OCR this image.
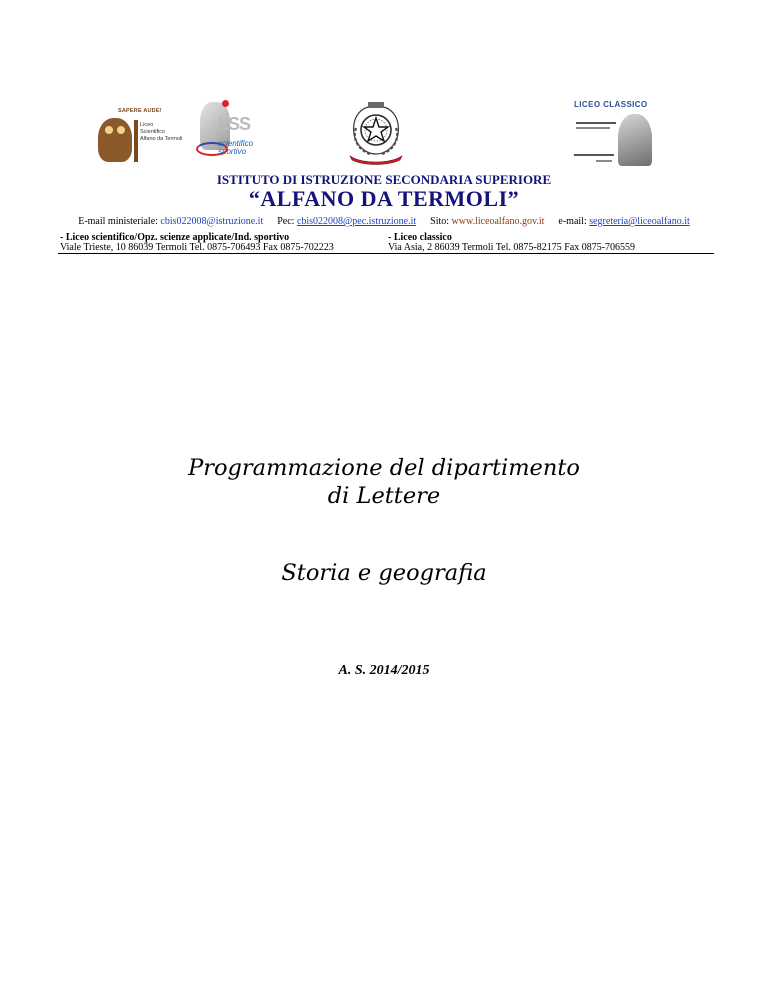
SAPERE AUDE!
Liceo
Scientifico
Alfano da Termoli
LSS
scientifico
sportivo
LICEO CLASSICO
ISTITUTO DI ISTRUZIONE SECONDARIA SUPERIORE
“ALFANO DA TERMOLI”
E-mail ministeriale: cbis022008@istruzione.it Pec: cbis022008@pec.istruzione.it Sito: www.liceoalfano.gov.it e-mail: segreteria@liceoalfano.it
- Liceo scientifico/Opz. scienze applicate/Ind. sportivo
Viale Trieste, 10 86039 Termoli Tel. 0875-706493 Fax 0875-702223
- Liceo classico
Via Asia, 2 86039 Termoli Tel. 0875-82175 Fax 0875-706559
Programmazione del dipartimento
di Lettere
Storia e geografia
A. S. 2014/2015
